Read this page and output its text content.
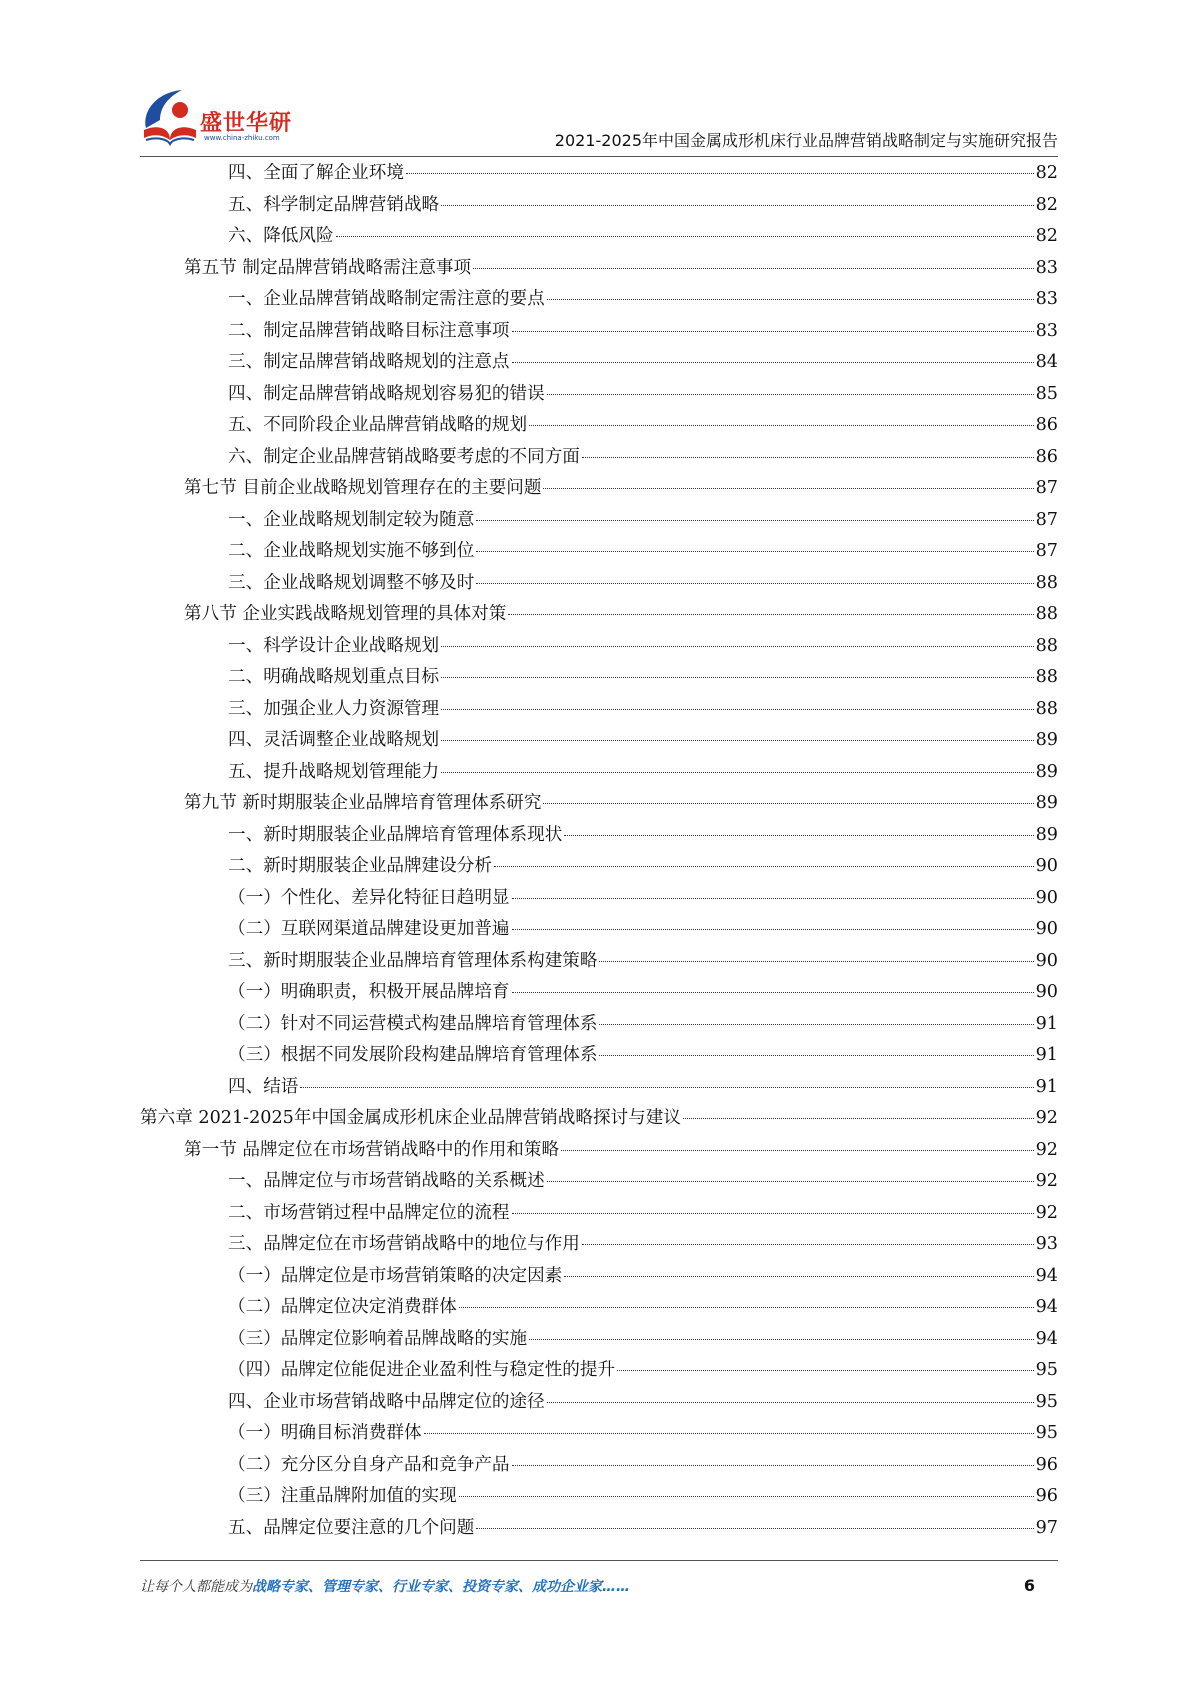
盛世华研
www.china-zhiku.com	2021-2025年中国金属成形机床行业品牌营销战略制定与实施研究报告
四、全面了解企业环境	82
五、科学制定品牌营销战略	82
六、降低风险	82
第五节 制定品牌营销战略需注意事项	83
一、企业品牌营销战略制定需注意的要点	83
二、制定品牌营销战略目标注意事项	83
三、制定品牌营销战略规划的注意点	84
四、制定品牌营销战略规划容易犯的错误	85
五、不同阶段企业品牌营销战略的规划	86
六、制定企业品牌营销战略要考虑的不同方面	86
第七节 目前企业战略规划管理存在的主要问题	87
一、企业战略规划制定较为随意	87
二、企业战略规划实施不够到位	87
三、企业战略规划调整不够及时	88
第八节 企业实践战略规划管理的具体对策	88
一、科学设计企业战略规划	88
二、明确战略规划重点目标	88
三、加强企业人力资源管理	88
四、灵活调整企业战略规划	89
五、提升战略规划管理能力	89
第九节 新时期服装企业品牌培育管理体系研究	89
一、新时期服装企业品牌培育管理体系现状	89
二、新时期服装企业品牌建设分析	90
（一）个性化、差异化特征日趋明显	90
（二）互联网渠道品牌建设更加普遍	90
三、新时期服装企业品牌培育管理体系构建策略	90
（一）明确职责，积极开展品牌培育	90
（二）针对不同运营模式构建品牌培育管理体系	91
（三）根据不同发展阶段构建品牌培育管理体系	91
四、结语	91
第六章 2021-2025年中国金属成形机床企业品牌营销战略探讨与建议	92
第一节 品牌定位在市场营销战略中的作用和策略	92
一、品牌定位与市场营销战略的关系概述	92
二、市场营销过程中品牌定位的流程	92
三、品牌定位在市场营销战略中的地位与作用	93
（一）品牌定位是市场营销策略的决定因素	94
（二）品牌定位决定消费群体	94
（三）品牌定位影响着品牌战略的实施	94
（四）品牌定位能促进企业盈利性与稳定性的提升	95
四、企业市场营销战略中品牌定位的途径	95
（一）明确目标消费群体	95
（二）充分区分自身产品和竞争产品	96
（三）注重品牌附加值的实现	96
五、品牌定位要注意的几个问题	97
让每个人都能成为战略专家、管理专家、行业专家、投资专家、成功企业家……	6
